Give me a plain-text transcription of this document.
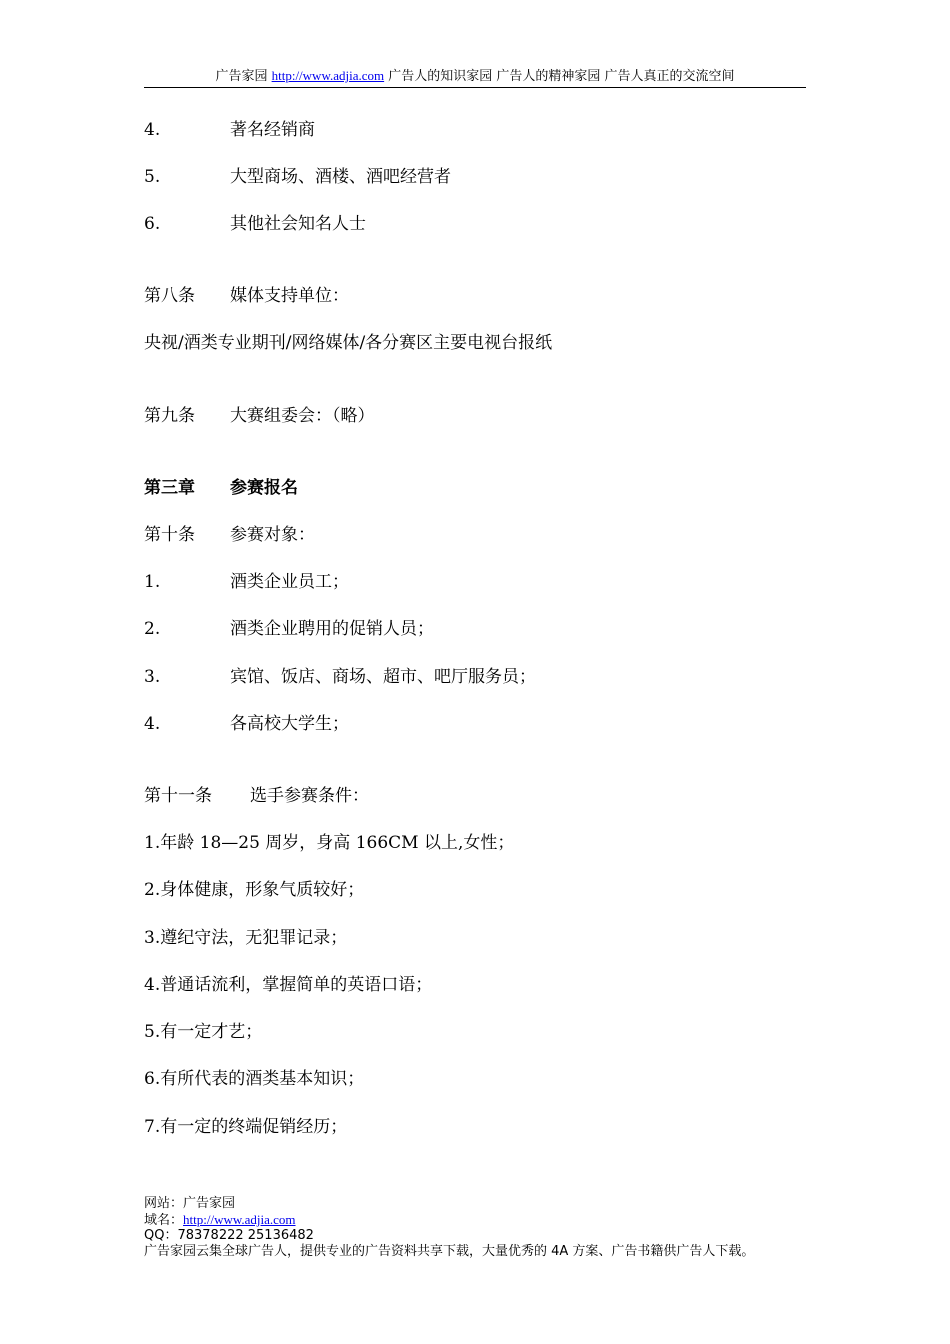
广告家园 http://www.adjia.com 广告人的知识家园 广告人的精神家园 广告人真正的交流空间
4.	著名经销商
5.	大型商场、酒楼、酒吧经营者
6.	其他社会知名人士
第八条 媒体支持单位：
央视/酒类专业期刊/网络媒体/各分赛区主要电视台报纸
第九条 大赛组委会：（略）
第三章 参赛报名
第十条 参赛对象：
1.	酒类企业员工；
2.	酒类企业聘用的促销人员；
3.	宾馆、饭店、商场、超市、吧厅服务员；
4.	各高校大学生；
第十一条 选手参赛条件：
1.年龄 18—25 周岁，身高 166CM 以上,女性；
2.身体健康，形象气质较好；
3.遵纪守法，无犯罪记录；
4.普通话流利，掌握简单的英语口语；
5.有一定才艺；
6.有所代表的酒类基本知识；
7.有一定的终端促销经历；
网站：广告家园
域名：http://www.adjia.com
QQ：78378222 25136482
广告家园云集全球广告人，提供专业的广告资料共享下载，大量优秀的 4A 方案、广告书籍供广告人下载。
